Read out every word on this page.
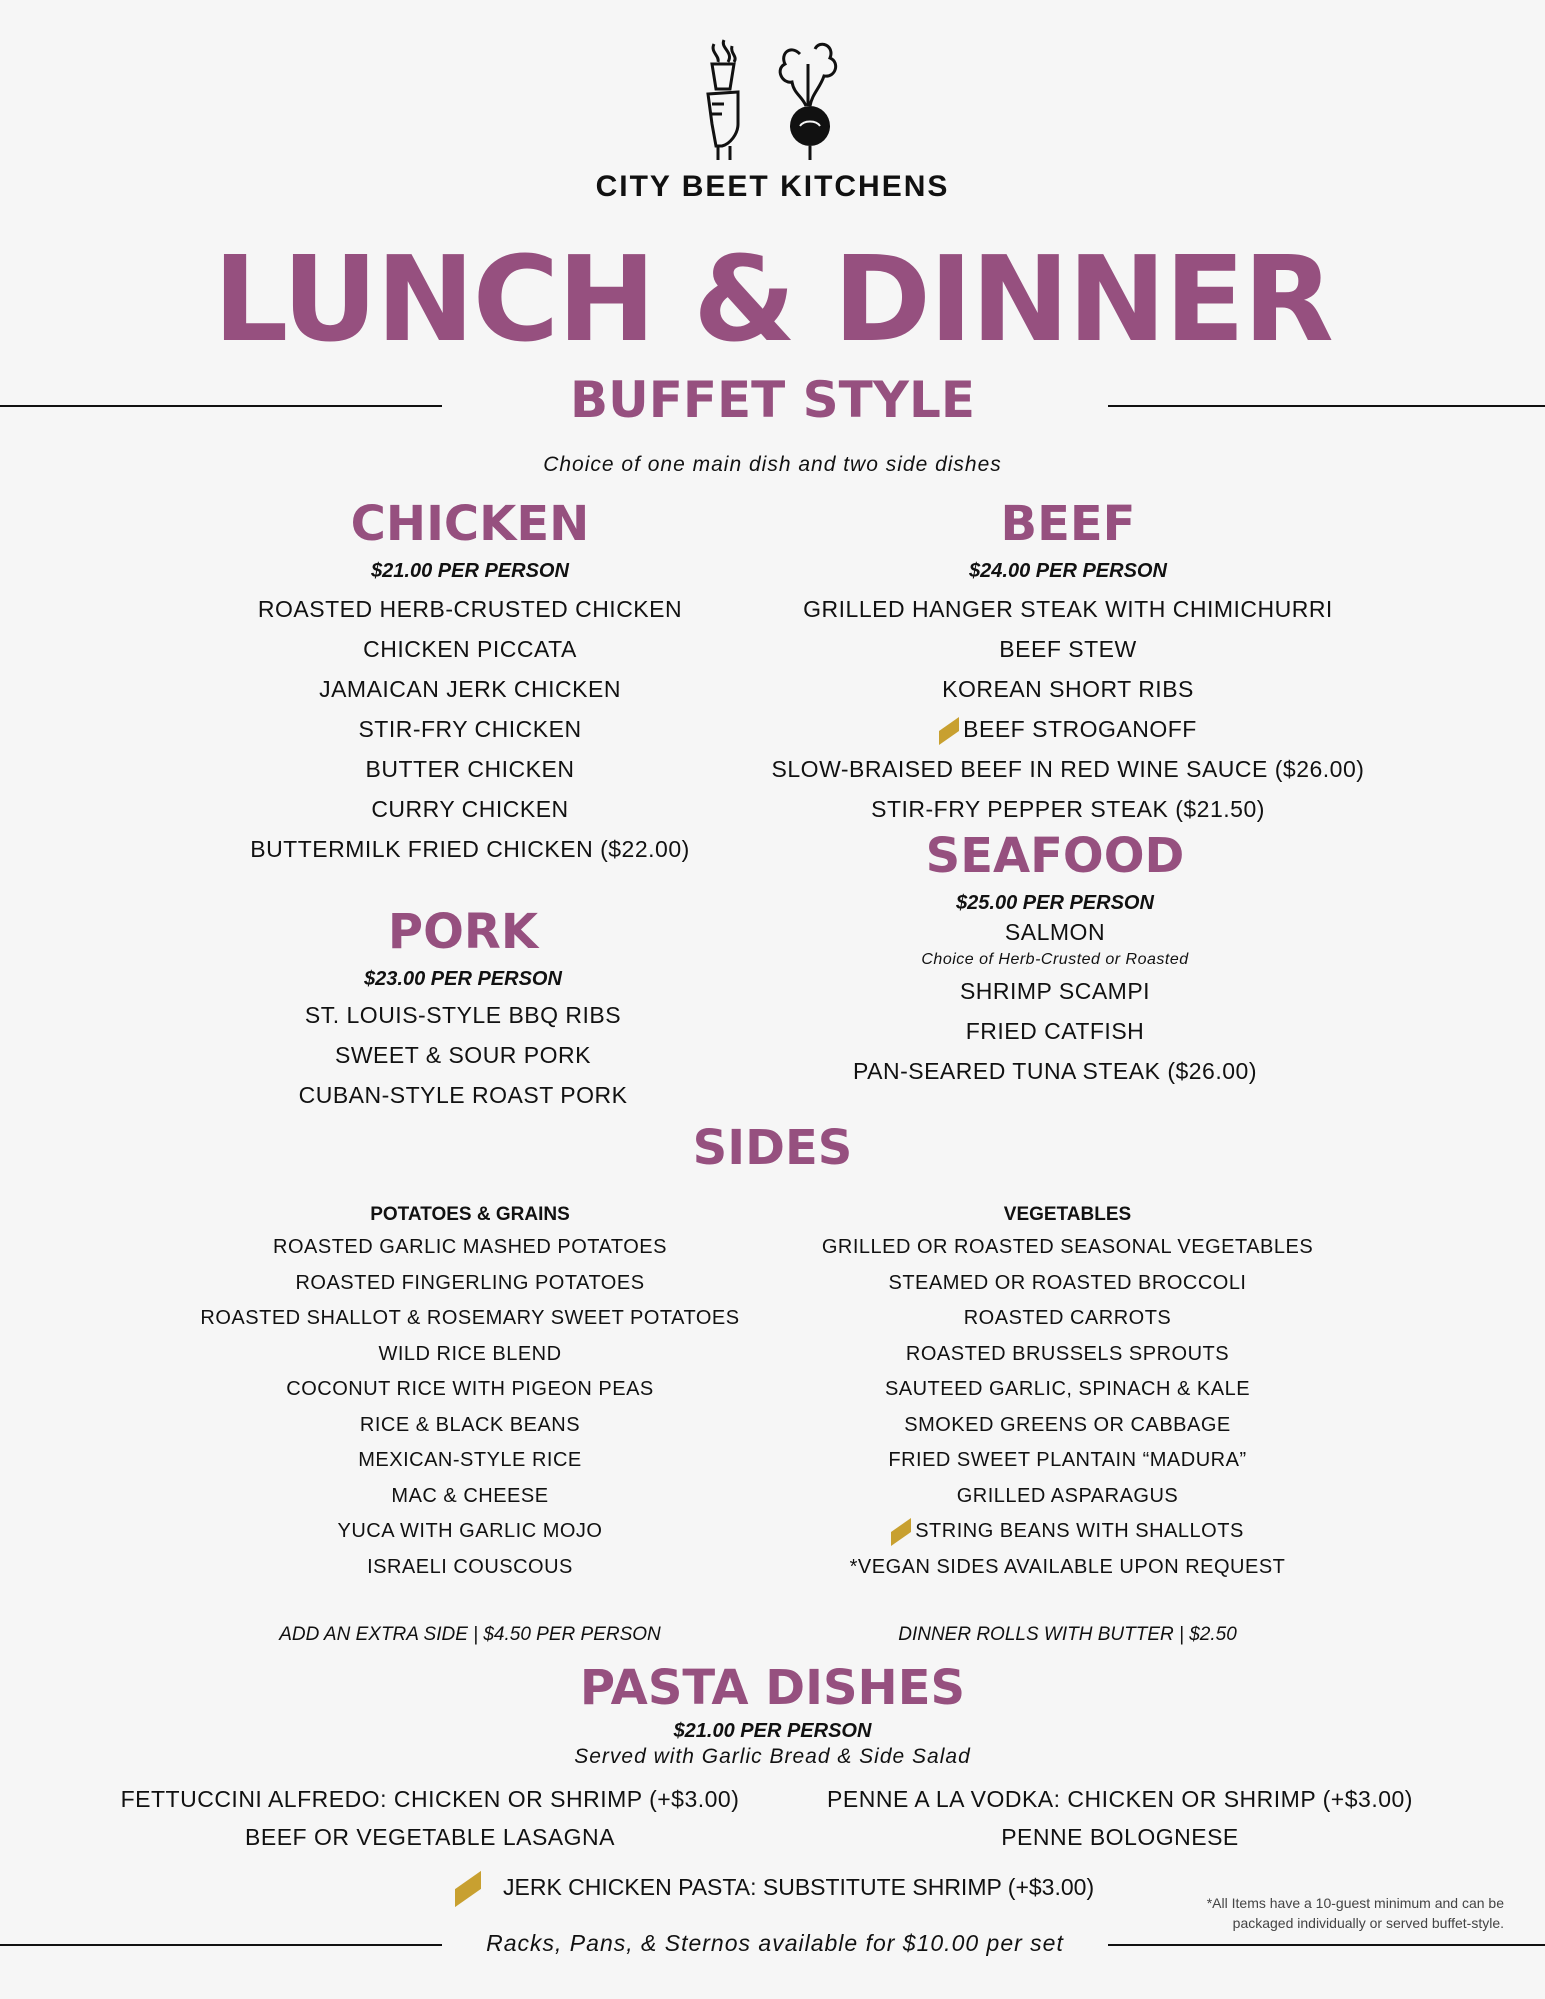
CITY BEET KITCHENS
LUNCH & DINNER
BUFFET STYLE
Choice of one main dish and two side dishes
CHICKEN
$21.00 PER PERSON
ROASTED HERB-CRUSTED CHICKEN
CHICKEN PICCATA
JAMAICAN JERK CHICKEN
STIR-FRY CHICKEN
BUTTER CHICKEN
CURRY CHICKEN
BUTTERMILK FRIED CHICKEN ($22.00)
BEEF
$24.00 PER PERSON
GRILLED HANGER STEAK WITH CHIMICHURRI
BEEF STEW
KOREAN SHORT RIBS
BEEF STROGANOFF
SLOW-BRAISED BEEF IN RED WINE SAUCE ($26.00)
STIR-FRY PEPPER STEAK ($21.50)
PORK
$23.00 PER PERSON
ST. LOUIS-STYLE BBQ RIBS
SWEET & SOUR PORK
CUBAN-STYLE ROAST PORK
SEAFOOD
$25.00 PER PERSON
SALMON
Choice of Herb-Crusted or Roasted
SHRIMP SCAMPI
FRIED CATFISH
PAN-SEARED TUNA STEAK ($26.00)
SIDES
POTATOES & GRAINS
ROASTED GARLIC MASHED POTATOES
ROASTED FINGERLING POTATOES
ROASTED SHALLOT & ROSEMARY SWEET POTATOES
WILD RICE BLEND
COCONUT RICE WITH PIGEON PEAS
RICE & BLACK BEANS
MEXICAN-STYLE RICE
MAC & CHEESE
YUCA WITH GARLIC MOJO
ISRAELI COUSCOUS
VEGETABLES
GRILLED OR ROASTED SEASONAL VEGETABLES
STEAMED OR ROASTED BROCCOLI
ROASTED CARROTS
ROASTED BRUSSELS SPROUTS
SAUTEED GARLIC, SPINACH & KALE
SMOKED GREENS OR CABBAGE
FRIED SWEET PLANTAIN “MADURA”
GRILLED ASPARAGUS
STRING BEANS WITH SHALLOTS
*VEGAN SIDES AVAILABLE UPON REQUEST
ADD AN EXTRA SIDE | $4.50 PER PERSON	DINNER ROLLS WITH BUTTER | $2.50
PASTA DISHES
$21.00 PER PERSON
Served with Garlic Bread & Side Salad
FETTUCCINI ALFREDO: CHICKEN OR SHRIMP (+$3.00)
BEEF OR VEGETABLE LASAGNA
PENNE A LA VODKA: CHICKEN OR SHRIMP (+$3.00)
PENNE BOLOGNESE
JERK CHICKEN PASTA: SUBSTITUTE SHRIMP (+$3.00)
*All Items have a 10-guest minimum and can be
packaged individually or served buffet-style.
Racks, Pans, & Sternos available for $10.00 per set
